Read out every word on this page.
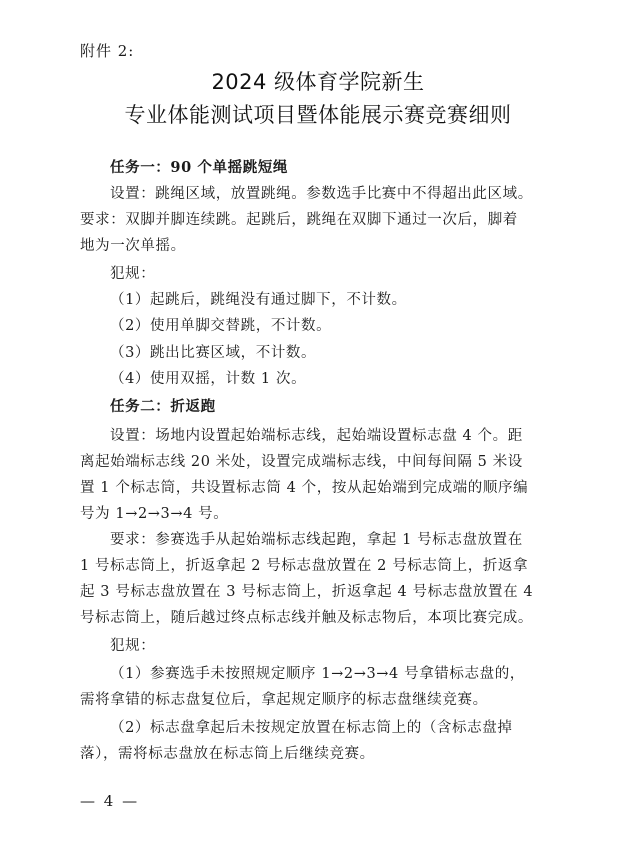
附件 2:
2024 级体育学院新生
专业体能测试项目暨体能展示赛竞赛细则
任务一：90 个单摇跳短绳
设置：跳绳区域，放置跳绳。参数选手比赛中不得超出此区域。
要求：双脚并脚连续跳。起跳后，跳绳在双脚下通过一次后，脚着
地为一次单摇。
犯规：
（1）起跳后，跳绳没有通过脚下，不计数。
（2）使用单脚交替跳，不计数。
（3）跳出比赛区域，不计数。
（4）使用双摇，计数 1 次。
任务二：折返跑
设置：场地内设置起始端标志线，起始端设置标志盘 4 个。距
离起始端标志线 20 米处，设置完成端标志线，中间每间隔 5 米设
置 1 个标志筒，共设置标志筒 4 个，按从起始端到完成端的顺序编
号为 1→2→3→4 号。
要求：参赛选手从起始端标志线起跑，拿起 1 号标志盘放置在
1 号标志筒上，折返拿起 2 号标志盘放置在 2 号标志筒上，折返拿
起 3 号标志盘放置在 3 号标志筒上，折返拿起 4 号标志盘放置在 4
号标志筒上，随后越过终点标志线并触及标志物后，本项比赛完成。
犯规：
（1）参赛选手未按照规定顺序 1→2→3→4 号拿错标志盘的，
需将拿错的标志盘复位后，拿起规定顺序的标志盘继续竞赛。
（2）标志盘拿起后未按规定放置在标志筒上的（含标志盘掉
落），需将标志盘放在标志筒上后继续竞赛。
— 4 —
